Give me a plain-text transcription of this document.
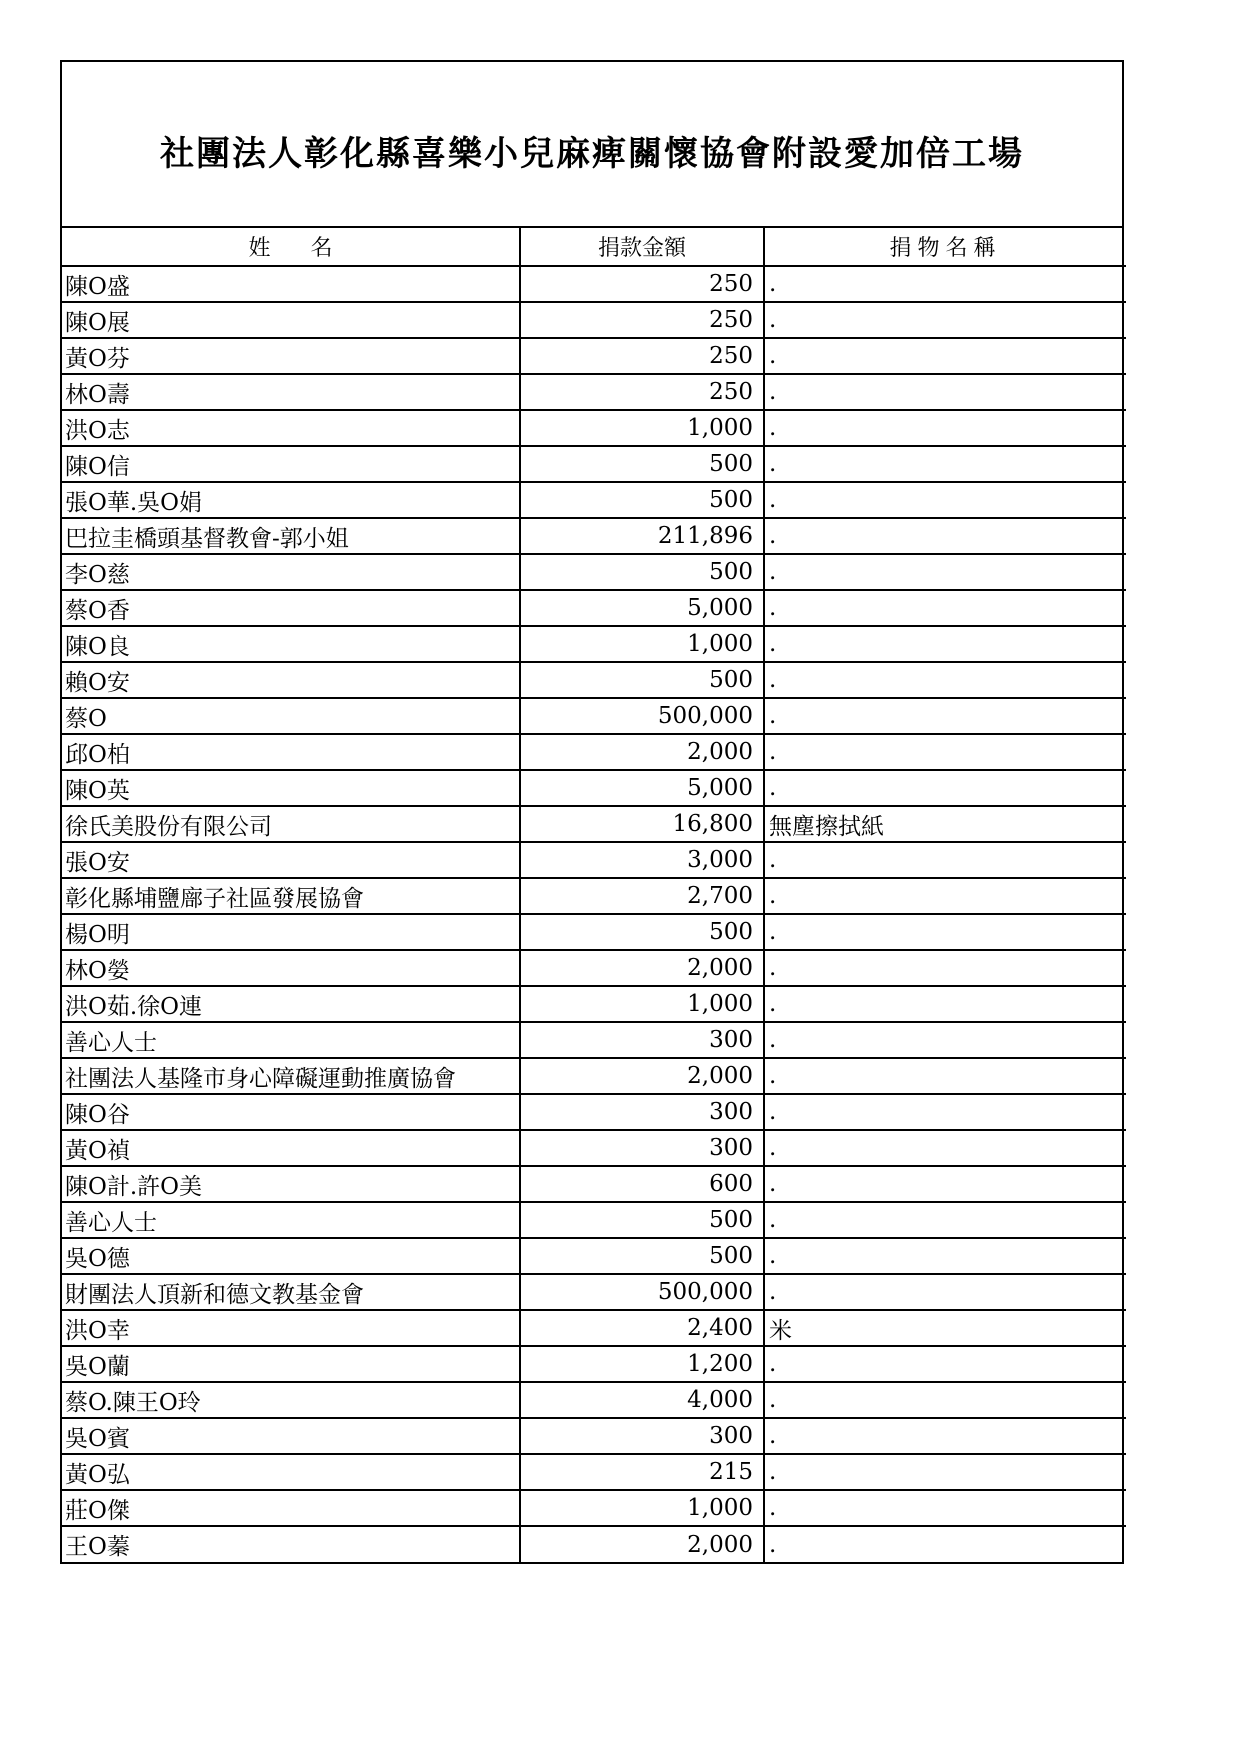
社團法人彰化縣喜樂小兒麻痺關懷協會附設愛加倍工場
姓名	捐款金額	捐物名稱
陳O盛	250	.
陳O展	250	.
黃O芬	250	.
林O壽	250	.
洪O志	1,000	.
陳O信	500	.
張O華.吳O娟	500	.
巴拉圭橋頭基督教會-郭小姐	211,896	.
李O慈	500	.
蔡O香	5,000	.
陳O良	1,000	.
賴O安	500	.
蔡O	500,000	.
邱O柏	2,000	.
陳O英	5,000	.
徐氏美股份有限公司	16,800	無塵擦拭紙
張O安	3,000	.
彰化縣埔鹽廍子社區發展協會	2,700	.
楊O明	500	.
林O嫈	2,000	.
洪O茹.徐O連	1,000	.
善心人士	300	.
社團法人基隆市身心障礙運動推廣協會	2,000	.
陳O谷	300	.
黃O禎	300	.
陳O計.許O美	600	.
善心人士	500	.
吳O德	500	.
財團法人頂新和德文教基金會	500,000	.
洪O幸	2,400	米
吳O蘭	1,200	.
蔡O.陳王O玲	4,000	.
吳O賓	300	.
黃O弘	215	.
莊O傑	1,000	.
王O蓁	2,000	.
